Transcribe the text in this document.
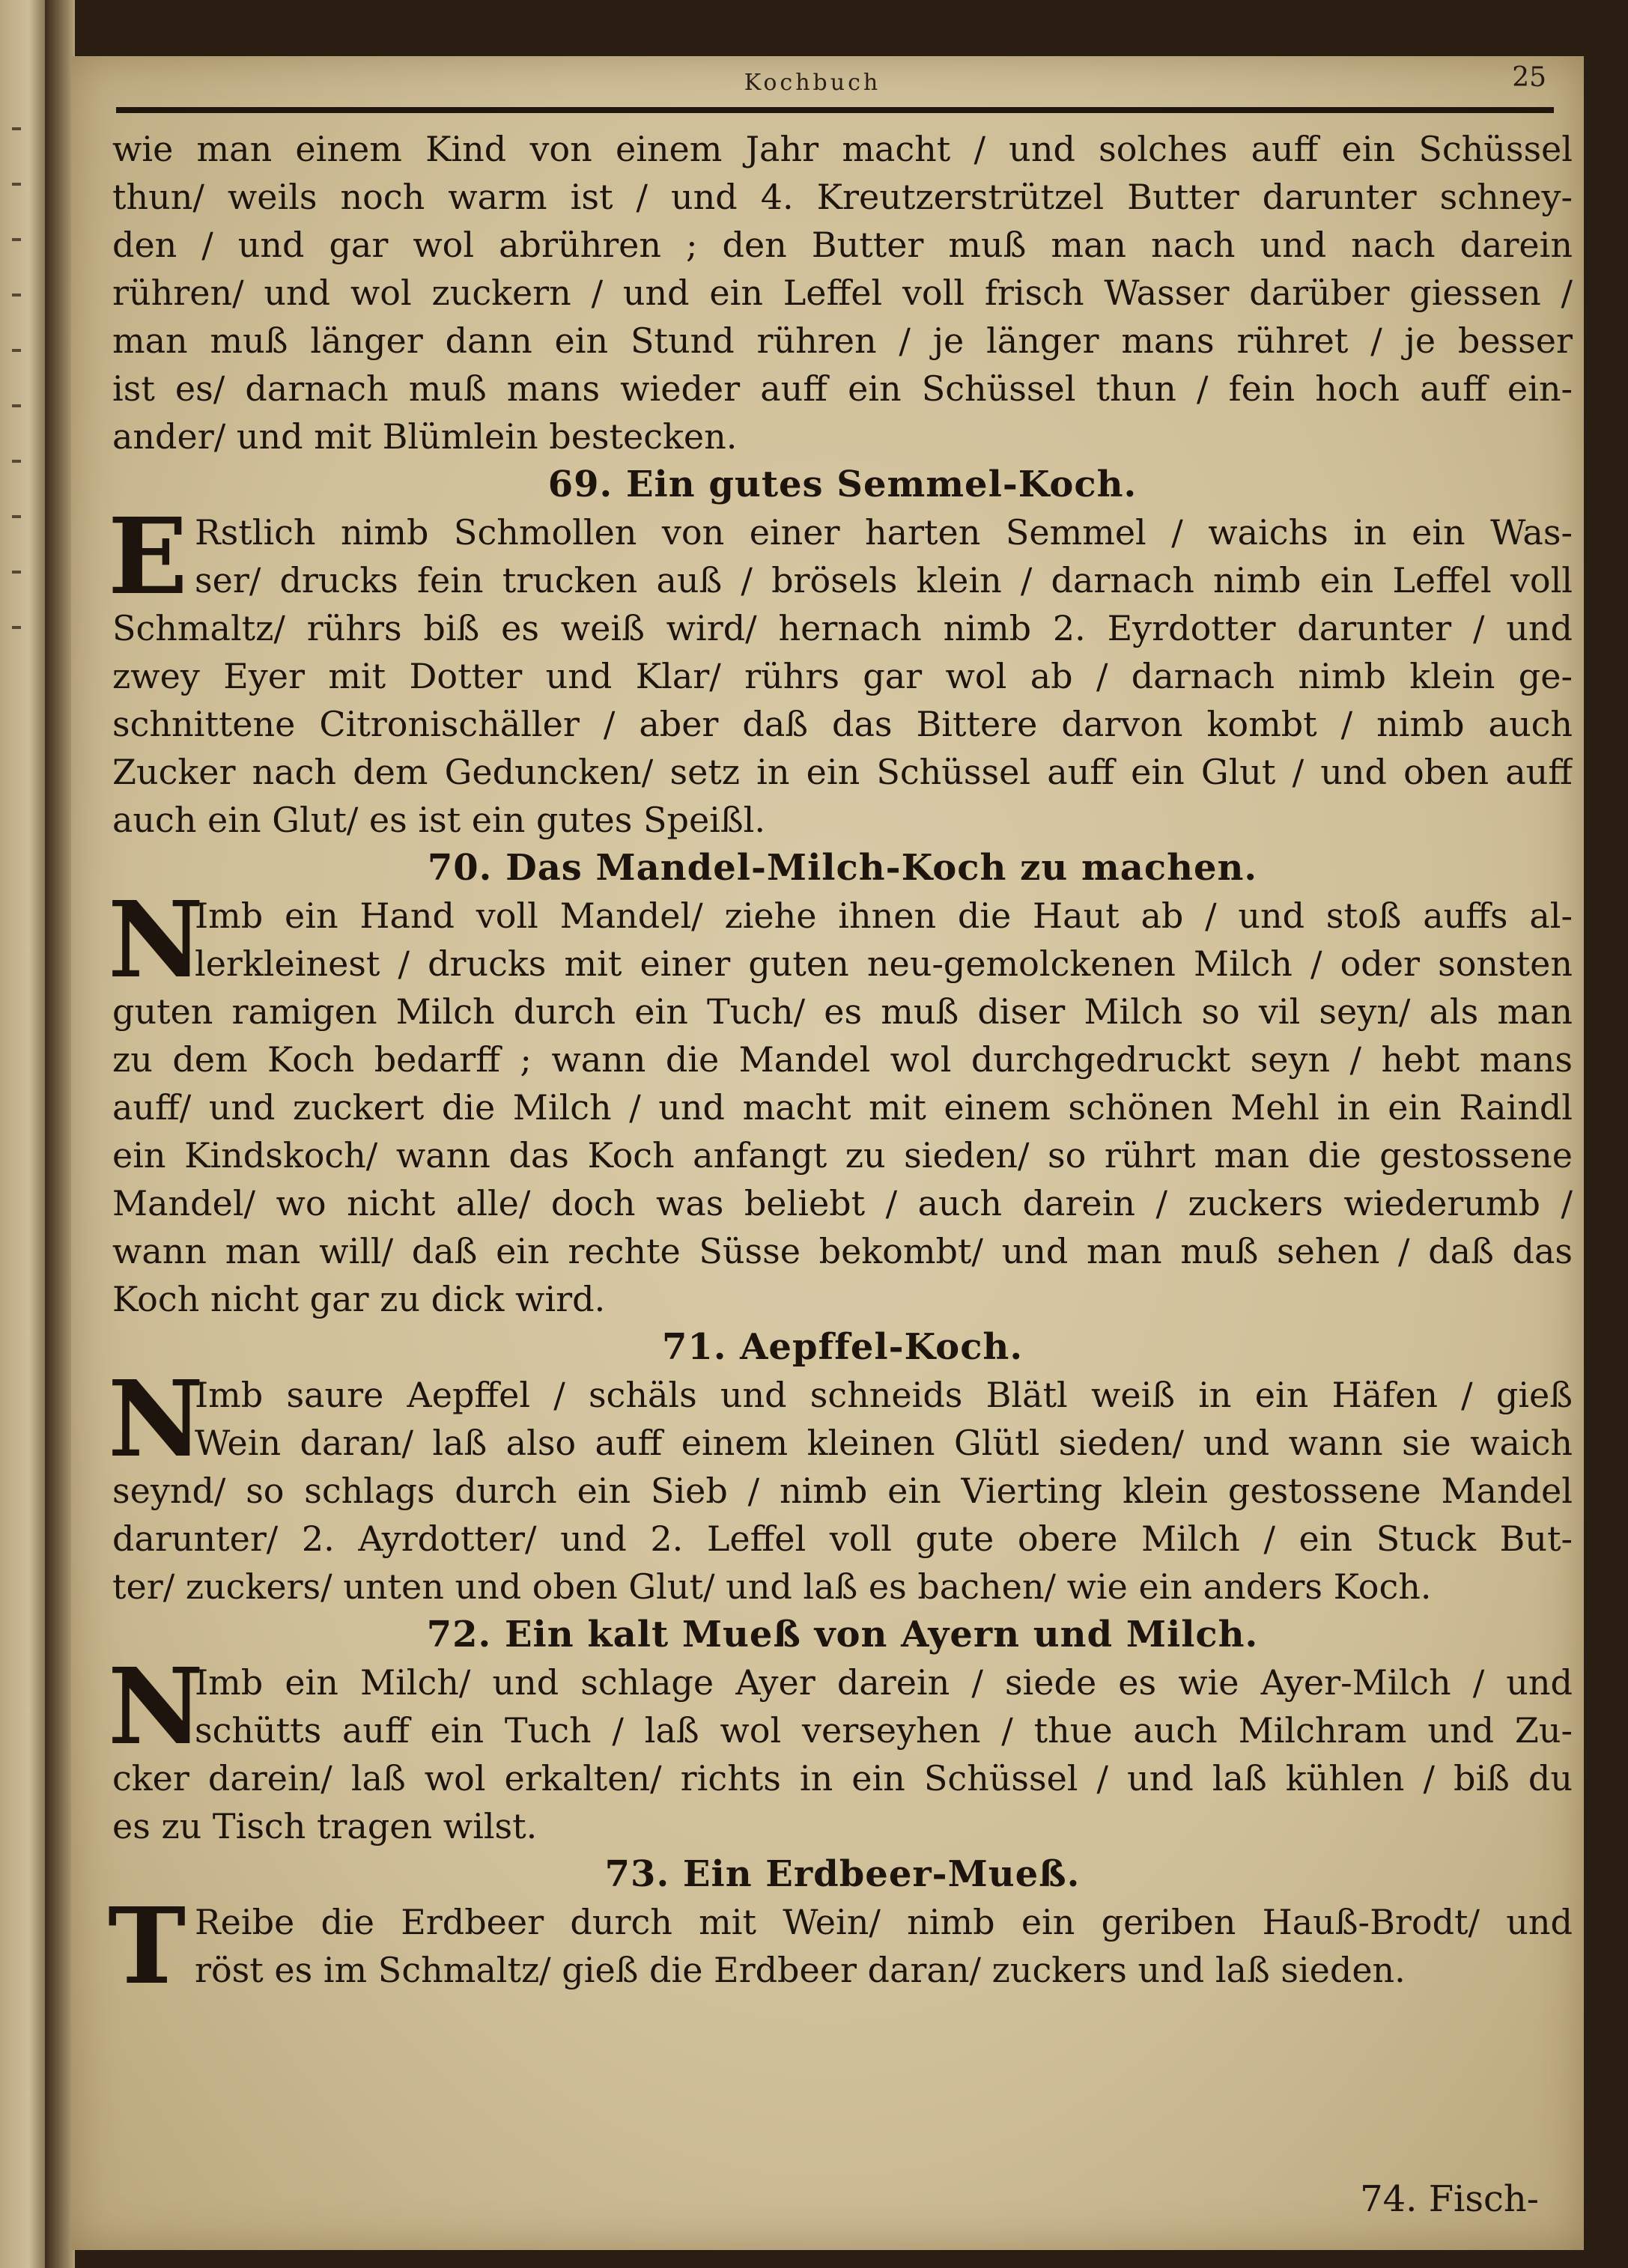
Kochbuch	25
wie man einem Kind von einem Jahr macht / und solches auff ein Schüssel
thun/ weils noch warm ist / und 4. Kreutzerstrützel Butter darunter schney-
den / und gar wol abrühren ; den Butter muß man nach und nach darein
rühren/ und wol zuckern / und ein Leffel voll frisch Wasser darüber giessen /
man muß länger dann ein Stund rühren / je länger mans rühret / je besser
ist es/ darnach muß mans wieder auff ein Schüssel thun / fein hoch auff ein-
ander/ und mit Blümlein bestecken.
69. Ein gutes Semmel-Koch.
E Rstlich nimb Schmollen von einer harten Semmel / waichs in ein Was-
ser/ drucks fein trucken auß / brösels klein / darnach nimb ein Leffel voll
Schmaltz/ rührs biß es weiß wird/ hernach nimb 2. Eyrdotter darunter / und
zwey Eyer mit Dotter und Klar/ rührs gar wol ab / darnach nimb klein ge-
schnittene Citronischäller / aber daß das Bittere darvon kombt / nimb auch
Zucker nach dem Geduncken/ setz in ein Schüssel auff ein Glut / und oben auff
auch ein Glut/ es ist ein gutes Speißl.
70. Das Mandel-Milch-Koch zu machen.
N
Imb ein Hand voll Mandel/ ziehe ihnen die Haut ab / und stoß auffs al-
lerkleinest / drucks mit einer guten neu-gemolckenen Milch / oder sonsten
guten ramigen Milch durch ein Tuch/ es muß diser Milch so vil seyn/ als man
zu dem Koch bedarff ; wann die Mandel wol durchgedruckt seyn / hebt mans
auff/ und zuckert die Milch / und macht mit einem schönen Mehl in ein Raindl
ein Kindskoch/ wann das Koch anfangt zu sieden/ so rührt man die gestossene
Mandel/ wo nicht alle/ doch was beliebt / auch darein / zuckers wiederumb /
wann man will/ daß ein rechte Süsse bekombt/ und man muß sehen / daß das
Koch nicht gar zu dick wird.
71. Aepffel-Koch.
N
Imb saure Aepffel / schäls und schneids Blätl weiß in ein Häfen / gieß
Wein daran/ laß also auff einem kleinen Glütl sieden/ und wann sie waich
seynd/ so schlags durch ein Sieb / nimb ein Vierting klein gestossene Mandel
darunter/ 2. Ayrdotter/ und 2. Leffel voll gute obere Milch / ein Stuck But-
ter/ zuckers/ unten und oben Glut/ und laß es bachen/ wie ein anders Koch.
72. Ein kalt Mueß von Ayern und Milch.
N
Imb ein Milch/ und schlage Ayer darein / siede es wie Ayer-Milch / und
schütts auff ein Tuch / laß wol verseyhen / thue auch Milchram und Zu-
cker darein/ laß wol erkalten/ richts in ein Schüssel / und laß kühlen / biß du
es zu Tisch tragen wilst.
73. Ein Erdbeer-Mueß.
T Reibe die Erdbeer durch mit Wein/ nimb ein geriben Hauß-Brodt/ und
röst es im Schmaltz/ gieß die Erdbeer daran/ zuckers und laß sieden.
74. Fisch-
